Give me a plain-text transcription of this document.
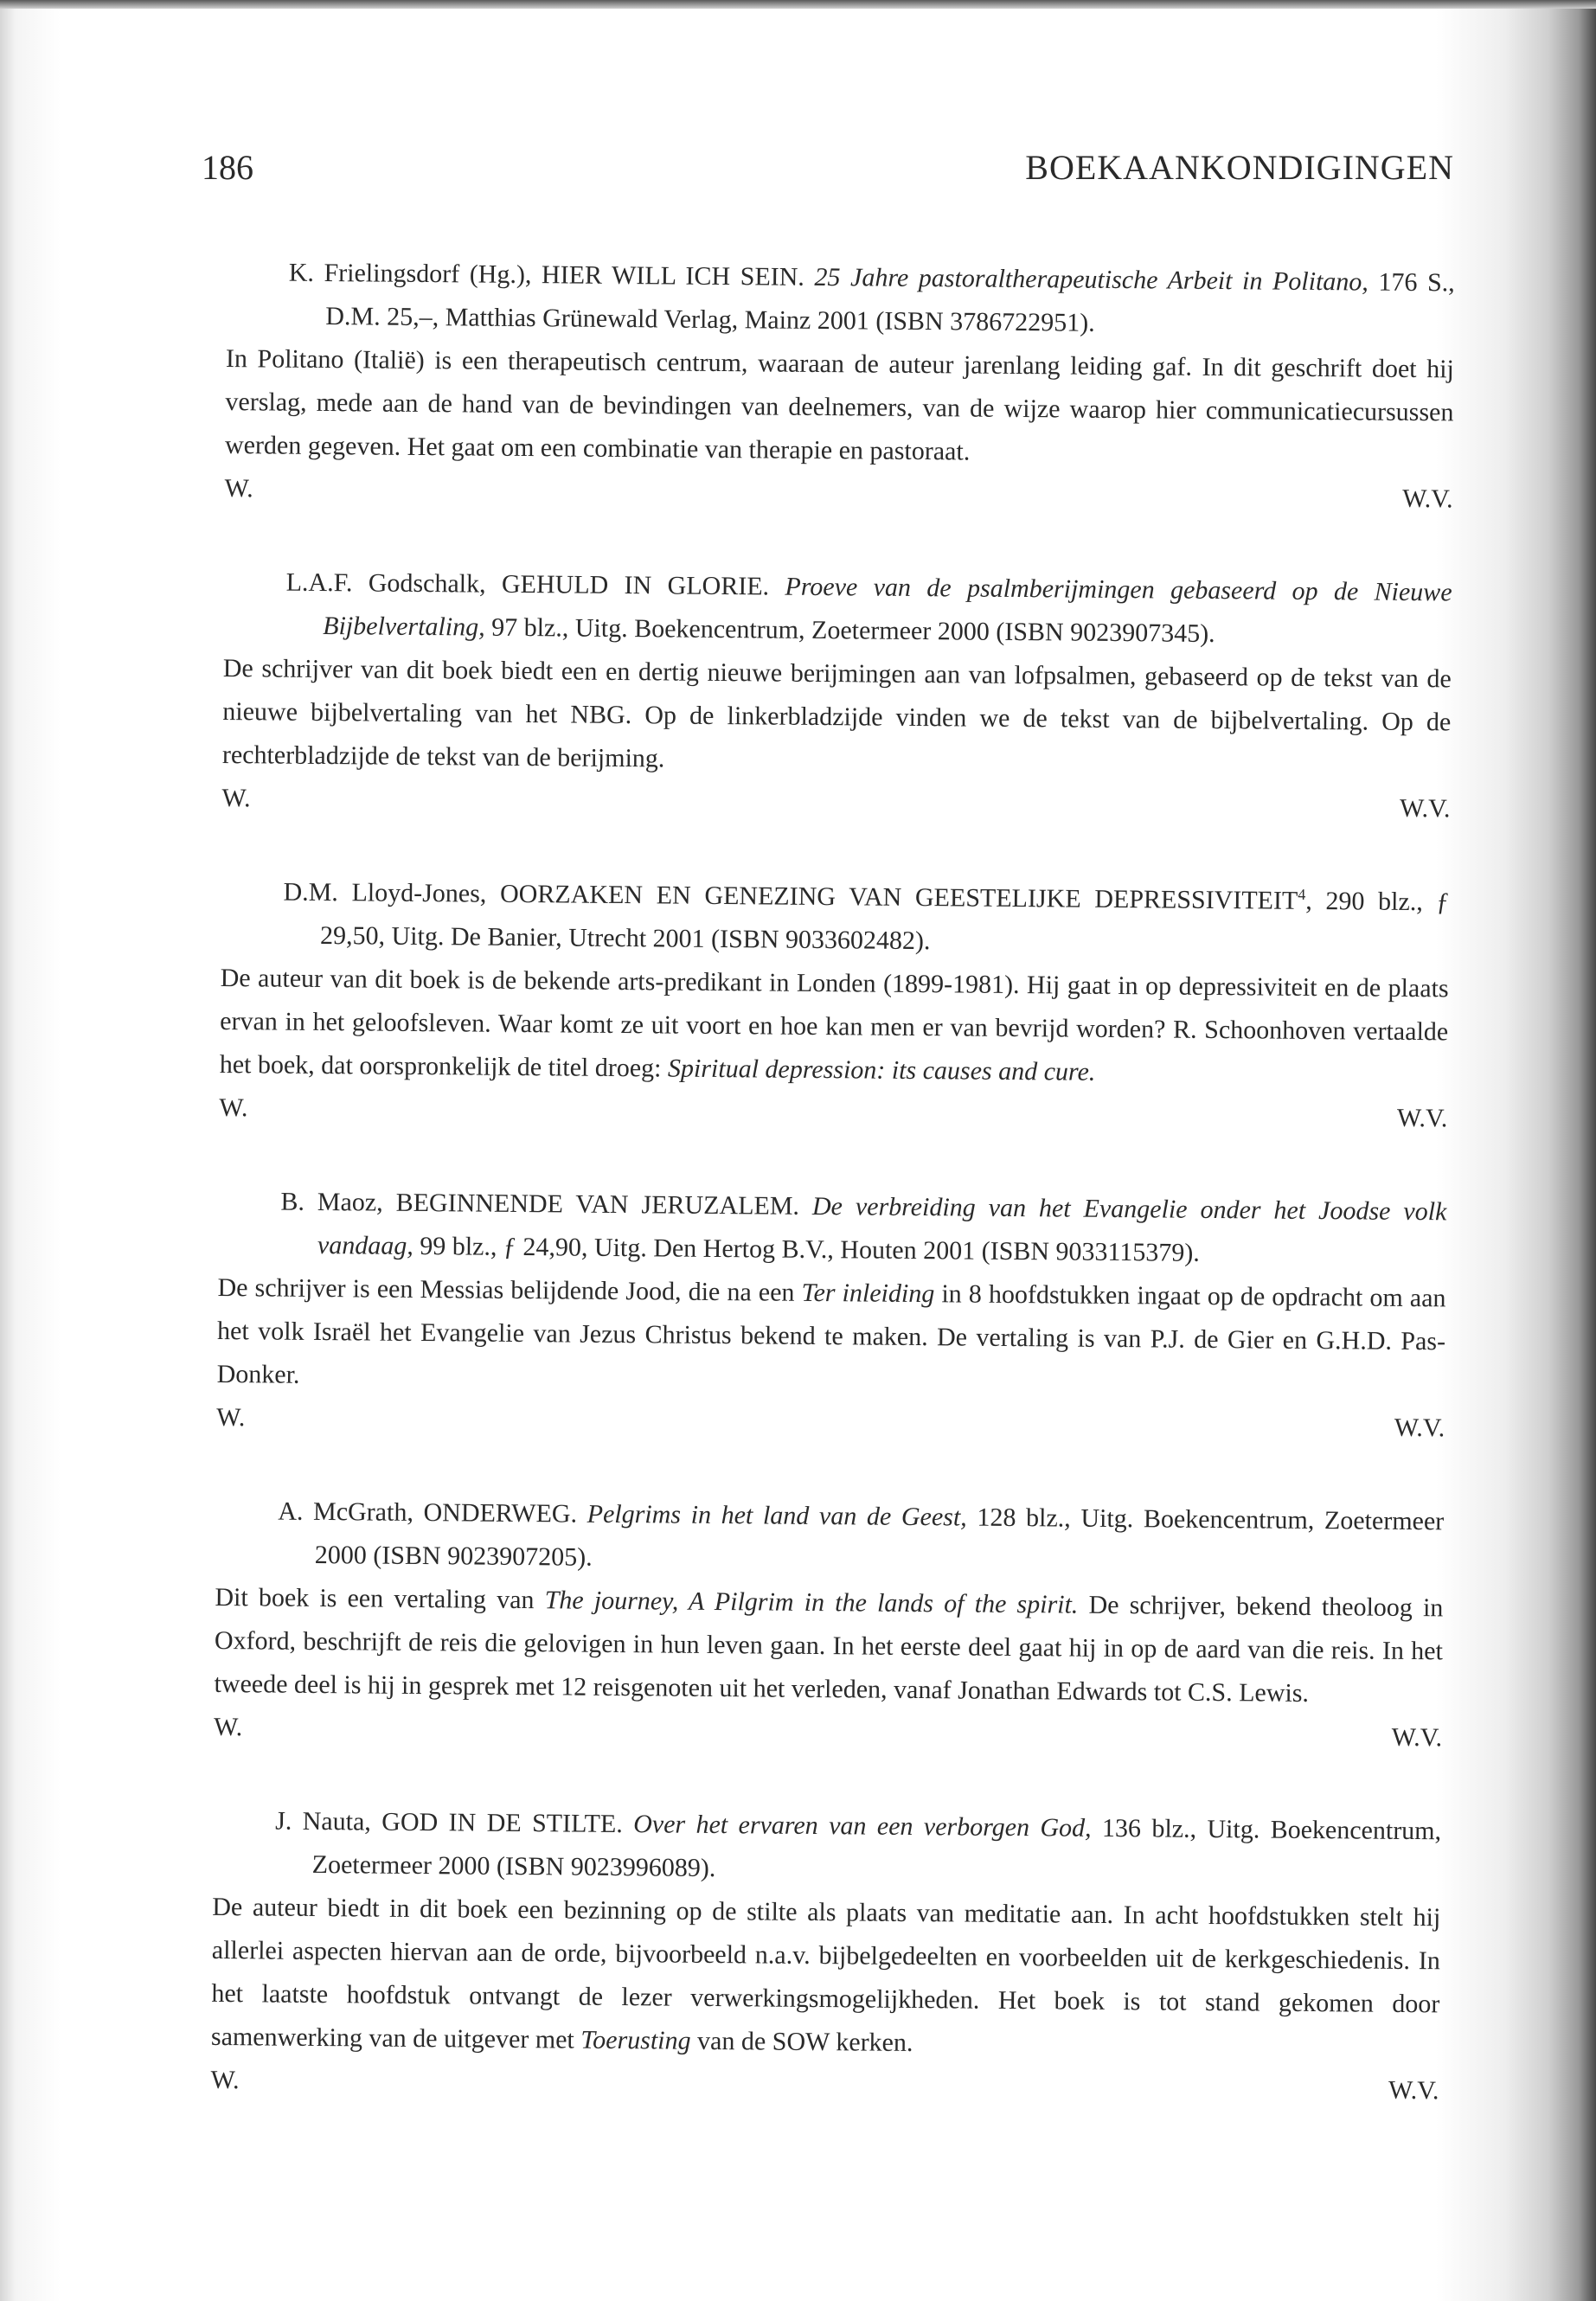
186	BOEKAANKONDIGINGEN
K. Frielingsdorf (Hg.), HIER WILL ICH SEIN. 25 Jahre pastoraltherapeutische Arbeit in Politano, 176 S., D.M. 25,–, Matthias Grünewald Verlag, Mainz 2001 (ISBN 3786722951).
In Politano (Italië) is een therapeutisch centrum, waaraan de auteur jarenlang leiding gaf. In dit geschrift doet hij verslag, mede aan de hand van de bevindingen van deelnemers, van de wijze waarop hier communicatiecursussen werden gegeven. Het gaat om een combinatie van therapie en pastoraat.
W.	W.V.
L.A.F. Godschalk, GEHULD IN GLORIE. Proeve van de psalmberijmingen gebaseerd op de Nieuwe Bijbelvertaling, 97 blz., Uitg. Boekencentrum, Zoetermeer 2000 (ISBN 9023907345).
De schrijver van dit boek biedt een en dertig nieuwe berijmingen aan van lofpsalmen, gebaseerd op de tekst van de nieuwe bijbelvertaling van het NBG. Op de linkerbladzijde vinden we de tekst van de bijbelvertaling. Op de rechterbladzijde de tekst van de berijming.
W.	W.V.
D.M. Lloyd-Jones, OORZAKEN EN GENEZING VAN GEESTELIJKE DEPRESSIVITEIT$^4$, 290 blz., ƒ 29,50, Uitg. De Banier, Utrecht 2001 (ISBN 9033602482).
De auteur van dit boek is de bekende arts-predikant in Londen (1899-1981). Hij gaat in op depressiviteit en de plaats ervan in het geloofsleven. Waar komt ze uit voort en hoe kan men er van bevrijd worden? R. Schoonhoven vertaalde het boek, dat oorspronkelijk de titel droeg: Spiritual depression: its causes and cure.
W.	W.V.
B. Maoz, BEGINNENDE VAN JERUZALEM. De verbreiding van het Evangelie onder het Joodse volk vandaag, 99 blz., ƒ 24,90, Uitg. Den Hertog B.V., Houten 2001 (ISBN 9033115379).
De schrijver is een Messias belijdende Jood, die na een Ter inleiding in 8 hoofdstukken ingaat op de opdracht om aan het volk Israël het Evangelie van Jezus Christus bekend te maken. De vertaling is van P.J. de Gier en G.H.D. Pas-Donker.
W.	W.V.
A. McGrath, ONDERWEG. Pelgrims in het land van de Geest, 128 blz., Uitg. Boekencentrum, Zoetermeer 2000 (ISBN 9023907205).
Dit boek is een vertaling van The journey, A Pilgrim in the lands of the spirit. De schrijver, bekend theoloog in Oxford, beschrijft de reis die gelovigen in hun leven gaan. In het eerste deel gaat hij in op de aard van die reis. In het tweede deel is hij in gesprek met 12 reisgenoten uit het verleden, vanaf Jonathan Edwards tot C.S. Lewis.
W.	W.V.
J. Nauta, GOD IN DE STILTE. Over het ervaren van een verborgen God, 136 blz., Uitg. Boekencentrum, Zoetermeer 2000 (ISBN 9023996089).
De auteur biedt in dit boek een bezinning op de stilte als plaats van meditatie aan. In acht hoofdstukken stelt hij allerlei aspecten hiervan aan de orde, bijvoorbeeld n.a.v. bijbelgedeelten en voorbeelden uit de kerkgeschiedenis. In het laatste hoofdstuk ontvangt de lezer verwerkingsmogelijkheden. Het boek is tot stand gekomen door samenwerking van de uitgever met Toerusting van de SOW kerken.
W.	W.V.
